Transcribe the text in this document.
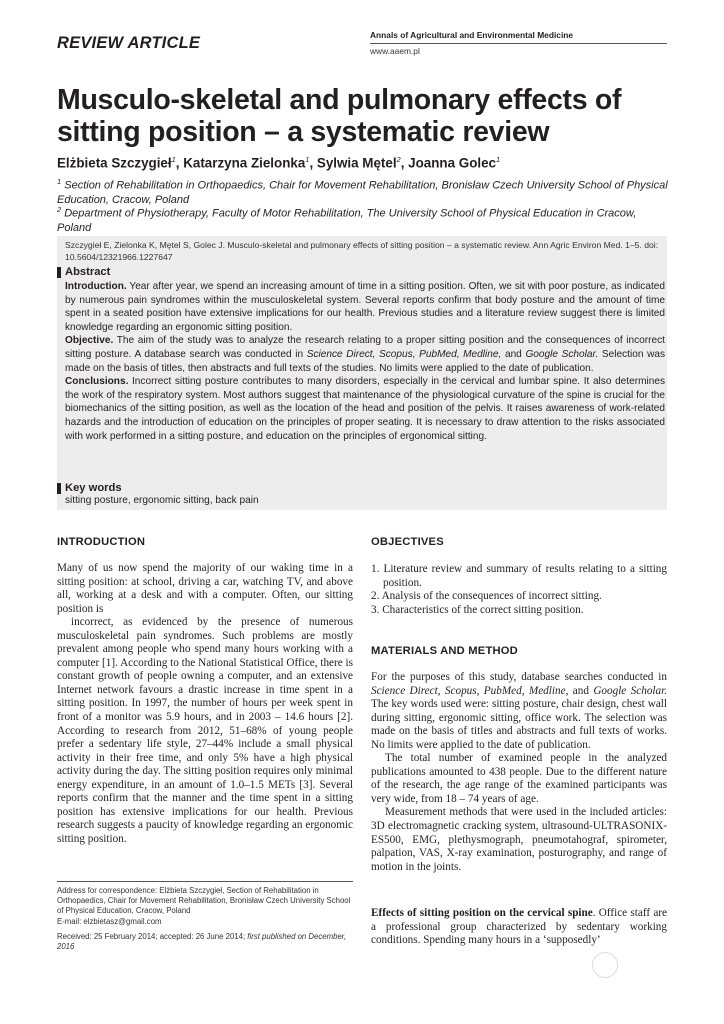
REVIEW ARTICLE	Annals of Agricultural and Environmental Medicine
www.aaem.pl
Musculo-skeletal and pulmonary effects of sitting position – a systematic review
Elżbieta Szczygieł$^1$, Katarzyna Zielonka$^1$, Sylwia Mętel$^2$, Joanna Golec$^1$
$^1$ Section of Rehabilitation in Orthopaedics, Chair for Movement Rehabilitation, Bronisław Czech University School of Physical Education, Cracow, Poland
$^2$ Department of Physiotherapy, Faculty of Motor Rehabilitation, The University School of Physical Education in Cracow, Poland
Szczygieł E, Zielonka K, Mętel S, Golec J. Musculo-skeletal and pulmonary effects of sitting position – a systematic review. Ann Agric Environ Med. 1–5. doi: 10.5604/12321966.1227647
Abstract

Introduction. Year after year, we spend an increasing amount of time in a sitting position. Often, we sit with poor posture, as indicated by numerous pain syndromes within the musculoskeletal system. Several reports confirm that body posture and the amount of time spent in a seated position have extensive implications for our health. Previous studies and a literature review suggest there is limited knowledge regarding an ergonomic sitting position.

Objective. The aim of the study was to analyze the research relating to a proper sitting position and the consequences of incorrect sitting posture. A database search was conducted in Science Direct, Scopus, PubMed, Medline, and Google Scholar. Selection was made on the basis of titles, then abstracts and full texts of the studies. No limits were applied to the date of publication.

Conclusions. Incorrect sitting posture contributes to many disorders, especially in the cervical and lumbar spine. It also determines the work of the respiratory system. Most authors suggest that maintenance of the physiological curvature of the spine is crucial for the biomechanics of the sitting position, as well as the location of the head and position of the pelvis. It raises awareness of work-related hazards and the introduction of education on the principles of proper seating. It is necessary to draw attention to the risks associated with work performed in a sitting posture, and education on the principles of ergonomical sitting.

Key words
sitting posture, ergonomic sitting, back pain
INTRODUCTION

Many of us now spend the majority of our waking time in a sitting position: at school, driving a car, watching TV, and above all, working at a desk and with a computer. Often, our sitting position is

incorrect, as evidenced by the presence of numerous musculoskeletal pain syndromes. Such problems are mostly prevalent among people who spend many hours working with a computer [1]. According to the National Statistical Office, there is constant growth of people owning a computer, and an extensive Internet network favours a drastic increase in time spent in a sitting position. In 1997, the number of hours per week spent in front of a monitor was 5.9 hours, and in 2003 – 14.6 hours [2]. According to research from 2012, 51–68% of young people prefer a sedentary life style, 27–44% include a small physical activity in their free time, and only 5% have a high physical activity during the day. The sitting position requires only minimal energy expenditure, in an amount of 1.0–1.5 METs [3]. Several reports confirm that the manner and the time spent in a sitting position has extensive implications for our health. Previous research suggests a paucity of knowledge regarding an ergonomic sitting position.

Address for correspondence: Elżbieta Szczygieł, Section of Rehabilitation in Orthopaedics, Chair for Movement Rehabilitation, Bronisław Czech University School of Physical Education, Cracow, Poland
E-mail: elzbietasz@gmail.com
Received: 25 February 2014; accepted: 26 June 2014; first published on December, 2016
OBJECTIVES
1. Literature review and summary of results relating to a sitting position.
2. Analysis of the consequences of incorrect sitting.
3. Characteristics of the correct sitting position.
MATERIALS AND METHOD

For the purposes of this study, database searches conducted in Science Direct, Scopus, PubMed, Medline, and Google Scholar. The key words used were: sitting posture, chair design, chest wall during sitting, ergonomic sitting, office work. The selection was made on the basis of titles and abstracts and full texts of works. No limits were applied to the date of publication.

The total number of examined people in the analyzed publications amounted to 438 people. Due to the different nature of the research, the age range of the examined participants was very wide, from 18 – 74 years of age.

Measurement methods that were used in the included articles: 3D electromagnetic cracking system, ultrasound-ULTRASONIX-ES500, EMG, plethysmograph, pneumotahograf, spirometer, palpation, VAS, X-ray examination, posturography, and range of motion in the joints.

Effects of sitting position on the cervical spine. Office staff are a professional group characterized by sedentary working conditions. Spending many hours in a ‘supposedly’
